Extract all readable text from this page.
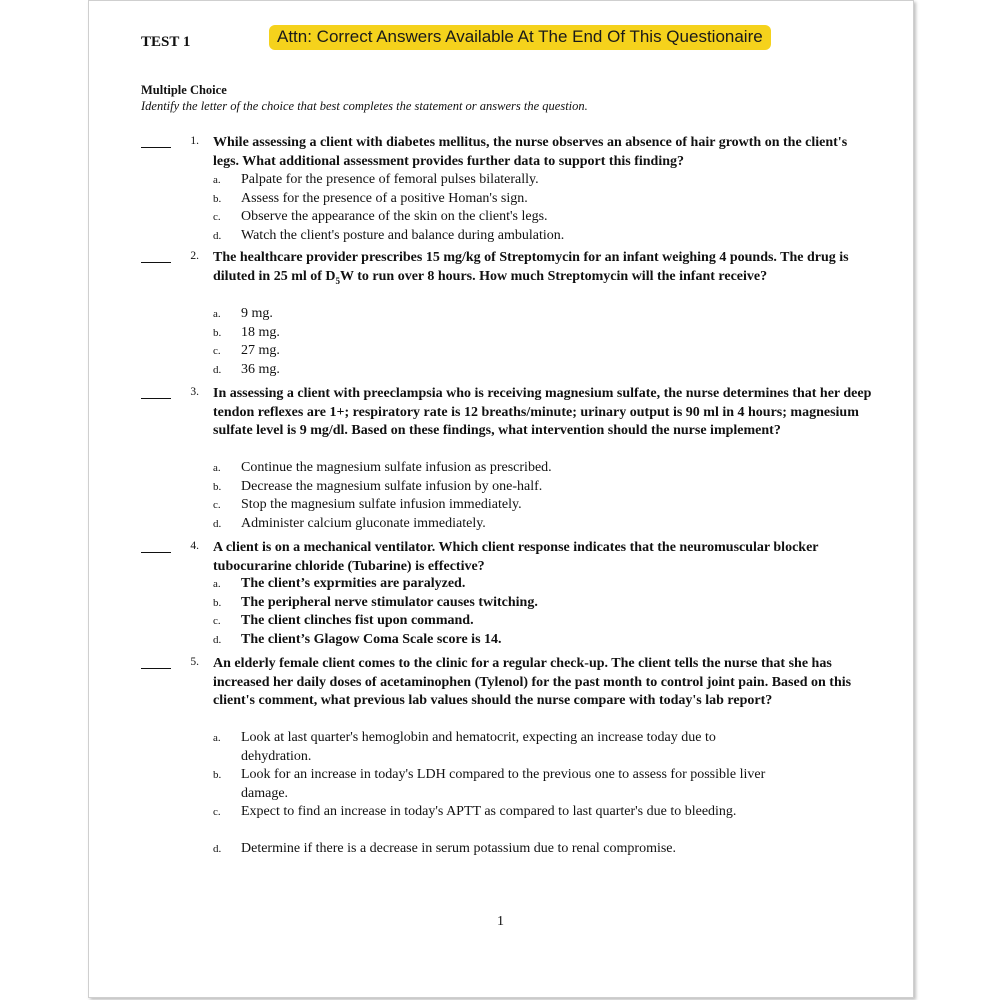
TEST 1	Attn: Correct Answers Available At The End Of This Questionaire
Multiple Choice
Identify the letter of the choice that best completes the statement or answers the question.
1. While assessing a client with diabetes mellitus, the nurse observes an absence of hair growth on the client's legs. What additional assessment provides further data to support this finding?
a. Palpate for the presence of femoral pulses bilaterally.
b. Assess for the presence of a positive Homan's sign.
c. Observe the appearance of the skin on the client's legs.
d. Watch the client's posture and balance during ambulation.
2. The healthcare provider prescribes 15 mg/kg of Streptomycin for an infant weighing 4 pounds. The drug is diluted in 25 ml of $D_5W$ to run over 8 hours. How much Streptomycin will the infant receive?
a. 9 mg.
b. 18 mg.
c. 27 mg.
d. 36 mg.
3. In assessing a client with preeclampsia who is receiving magnesium sulfate, the nurse determines that her deep tendon reflexes are 1+; respiratory rate is 12 breaths/minute; urinary output is 90 ml in 4 hours; magnesium sulfate level is 9 mg/dl. Based on these findings, what intervention should the nurse implement?
a. Continue the magnesium sulfate infusion as prescribed.
b. Decrease the magnesium sulfate infusion by one-half.
c. Stop the magnesium sulfate infusion immediately.
d. Administer calcium gluconate immediately.
4. A client is on a mechanical ventilator. Which client response indicates that the neuromuscular blocker tubocurarine chloride (Tubarine) is effective?
a. The client’s exprmities are paralyzed.
b. The peripheral nerve stimulator causes twitching.
c. The client clinches fist upon command.
d. The client’s Glagow Coma Scale score is 14.
5. An elderly female client comes to the clinic for a regular check-up. The client tells the nurse that she has increased her daily doses of acetaminophen (Tylenol) for the past month to control joint pain. Based on this client's comment, what previous lab values should the nurse compare with today's lab report?
a. Look at last quarter's hemoglobin and hematocrit, expecting an increase today due to dehydration.
b. Look for an increase in today's LDH compared to the previous one to assess for possible liver damage.
c. Expect to find an increase in today's APTT as compared to last quarter's due to bleeding.
d. Determine if there is a decrease in serum potassium due to renal compromise.
1
